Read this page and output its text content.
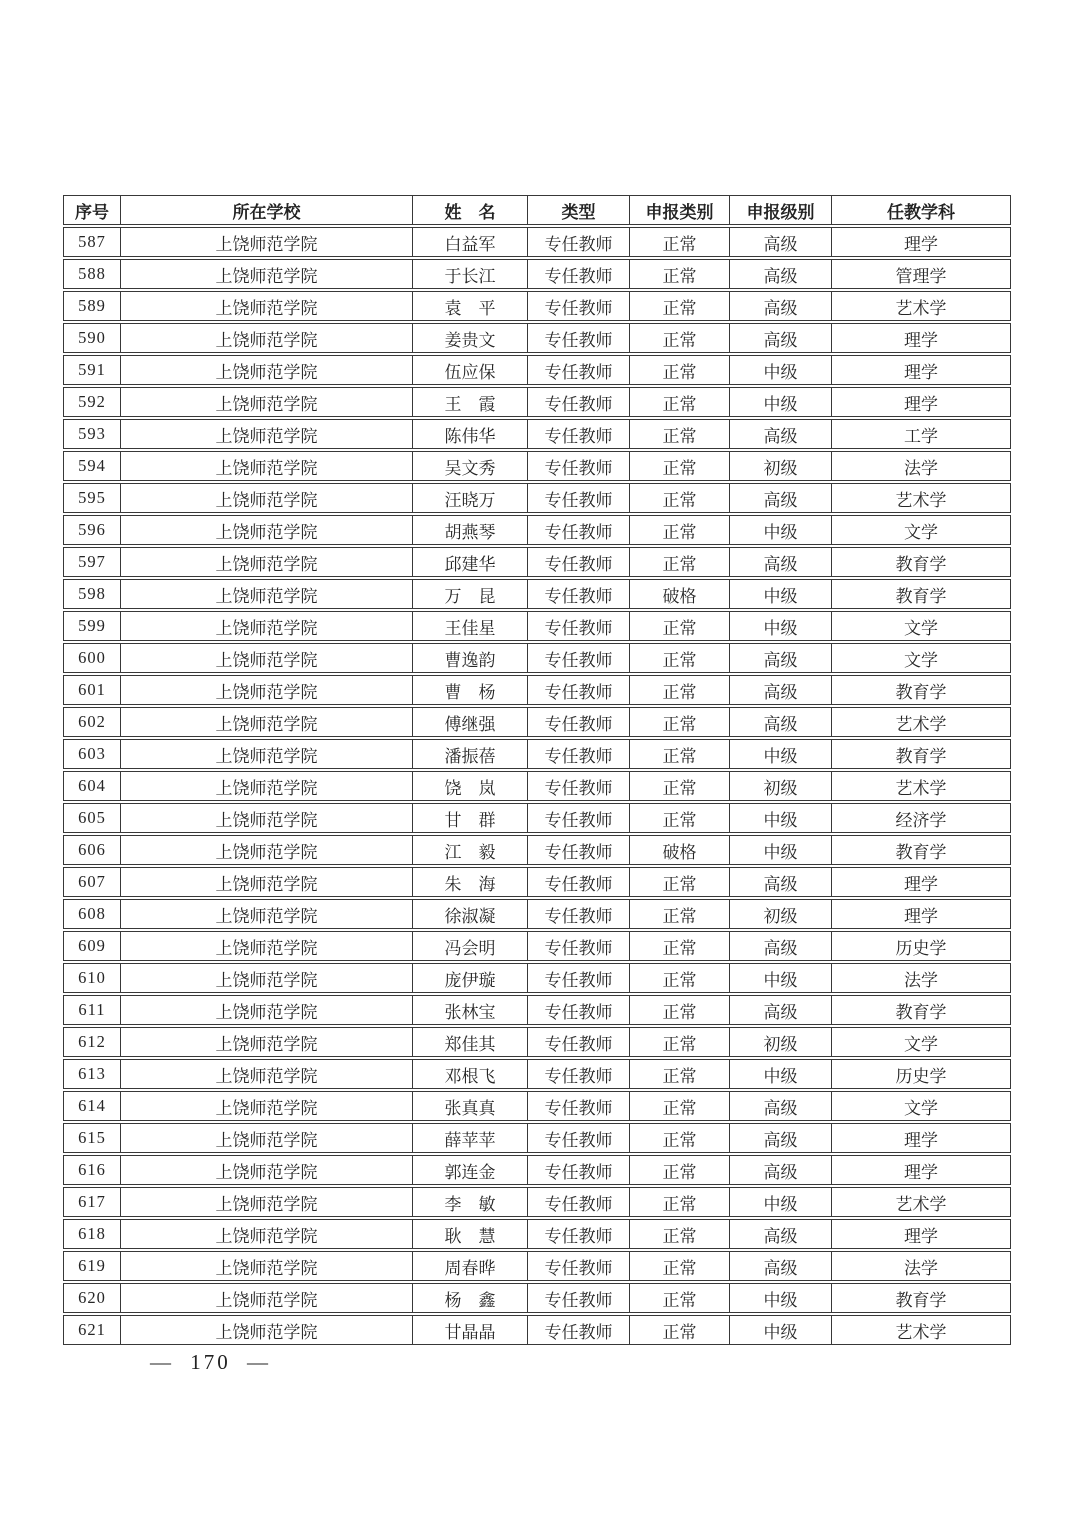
序号	所在学校	姓　名	类型	申报类别	申报级别	任教学科
587	上饶师范学院	白益军	专任教师	正常	高级	理学
588	上饶师范学院	于长江	专任教师	正常	高级	管理学
589	上饶师范学院	袁　平	专任教师	正常	高级	艺术学
590	上饶师范学院	姜贵文	专任教师	正常	高级	理学
591	上饶师范学院	伍应保	专任教师	正常	中级	理学
592	上饶师范学院	王　霞	专任教师	正常	中级	理学
593	上饶师范学院	陈伟华	专任教师	正常	高级	工学
594	上饶师范学院	吴文秀	专任教师	正常	初级	法学
595	上饶师范学院	汪晓万	专任教师	正常	高级	艺术学
596	上饶师范学院	胡燕琴	专任教师	正常	中级	文学
597	上饶师范学院	邱建华	专任教师	正常	高级	教育学
598	上饶师范学院	万　昆	专任教师	破格	中级	教育学
599	上饶师范学院	王佳星	专任教师	正常	中级	文学
600	上饶师范学院	曹逸韵	专任教师	正常	高级	文学
601	上饶师范学院	曹　杨	专任教师	正常	高级	教育学
602	上饶师范学院	傅继强	专任教师	正常	高级	艺术学
603	上饶师范学院	潘振蓓	专任教师	正常	中级	教育学
604	上饶师范学院	饶　岚	专任教师	正常	初级	艺术学
605	上饶师范学院	甘　群	专任教师	正常	中级	经济学
606	上饶师范学院	江　毅	专任教师	破格	中级	教育学
607	上饶师范学院	朱　海	专任教师	正常	高级	理学
608	上饶师范学院	徐淑凝	专任教师	正常	初级	理学
609	上饶师范学院	冯会明	专任教师	正常	高级	历史学
610	上饶师范学院	庞伊璇	专任教师	正常	中级	法学
611	上饶师范学院	张林宝	专任教师	正常	高级	教育学
612	上饶师范学院	郑佳其	专任教师	正常	初级	文学
613	上饶师范学院	邓根飞	专任教师	正常	中级	历史学
614	上饶师范学院	张真真	专任教师	正常	高级	文学
615	上饶师范学院	薛苹苹	专任教师	正常	高级	理学
616	上饶师范学院	郭连金	专任教师	正常	高级	理学
617	上饶师范学院	李　敏	专任教师	正常	中级	艺术学
618	上饶师范学院	耿　慧	专任教师	正常	高级	理学
619	上饶师范学院	周春晔	专任教师	正常	高级	法学
620	上饶师范学院	杨　鑫	专任教师	正常	中级	教育学
621	上饶师范学院	甘晶晶	专任教师	正常	中级	艺术学
— 170 —
